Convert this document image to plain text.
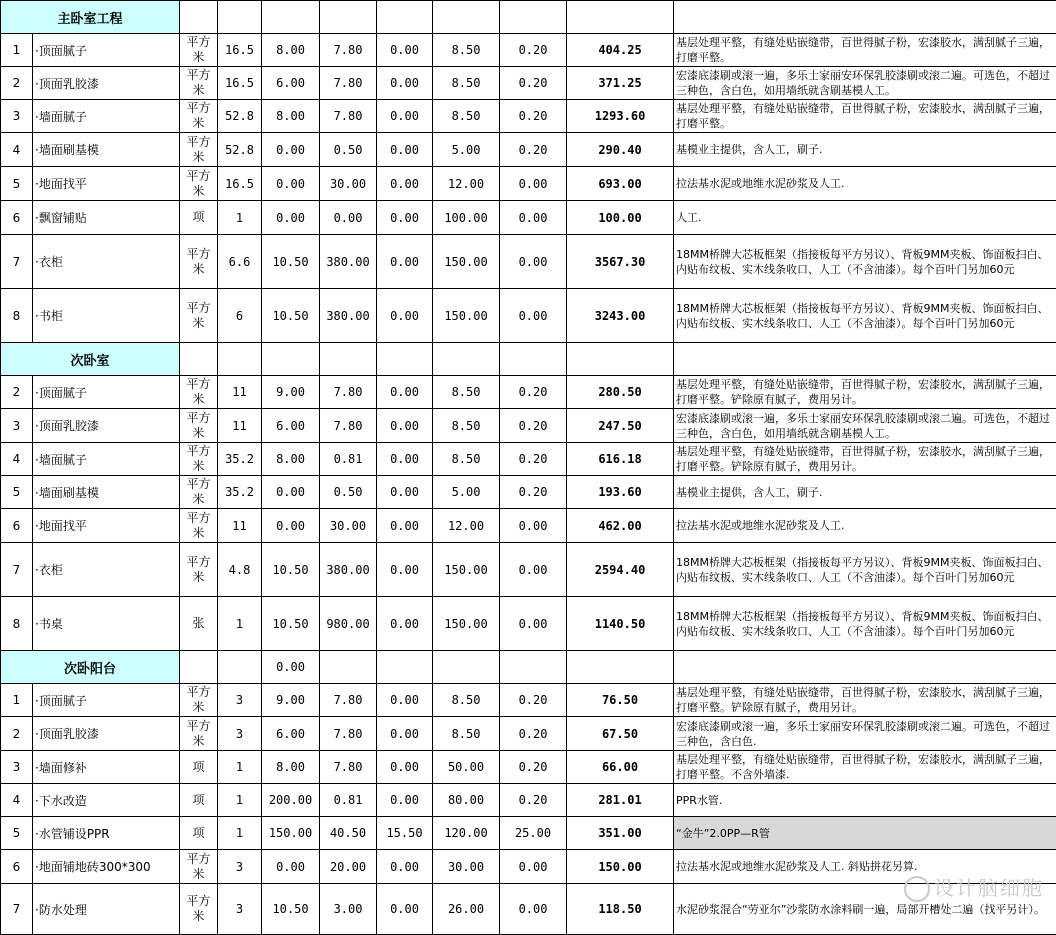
主卧室工程										
1	·顶面腻子	平方米	16.5	8.00	7.80	0.00	8.50	0.20	404.25	基层处理平整，有缝处贴嵌缝带，百世得腻子粉，宏漆胶水，满刮腻子三遍，打磨平整。
2	·顶面乳胶漆	平方米	16.5	6.00	7.80	0.00	8.50	0.20	371.25	宏漆底漆刷或滚一遍，多乐士家丽安环保乳胶漆刷或滚二遍。可选色，不超过三种色，含白色，如用墙纸就含刷基模人工。
3	·墙面腻子	平方米	52.8	8.00	7.80	0.00	8.50	0.20	1293.60	基层处理平整，有缝处贴嵌缝带，百世得腻子粉，宏漆胶水，满刮腻子三遍，打磨平整。
4	·墙面刷基模	平方米	52.8	0.00	0.50	0.00	5.00	0.20	290.40	基模业主提供，含人工，刷子.
5	·地面找平	平方米	16.5	0.00	30.00	0.00	12.00	0.00	693.00	拉法基水泥或地维水泥砂浆及人工.
6	·飘窗铺贴	项	1	0.00	0.00	0.00	100.00	0.00	100.00	人工.
7	·衣柜	平方米	6.6	10.50	380.00	0.00	150.00	0.00	3567.30	18MM桥牌大芯板框架（指接板每平方另议）、背板9MM夹板、饰面板扫白、内贴布纹板、实木线条收口、人工（不含油漆）。每个百叶门另加60元
8	·书柜	平方米	6	10.50	380.00	0.00	150.00	0.00	3243.00	18MM桥牌大芯板框架（指接板每平方另议）、背板9MM夹板、饰面板扫白、内贴布纹板、实木线条收口、人工（不含油漆）。每个百叶门另加60元
次卧室										
2	·顶面腻子	平方米	11	9.00	7.80	0.00	8.50	0.20	280.50	基层处理平整，有缝处贴嵌缝带，百世得腻子粉，宏漆胶水，满刮腻子三遍，打磨平整。铲除原有腻子，费用另计。
3	·顶面乳胶漆	平方米	11	6.00	7.80	0.00	8.50	0.20	247.50	宏漆底漆刷或滚一遍，多乐士家丽安环保乳胶漆刷或滚二遍。可选色，不超过三种色，含白色，如用墙纸就含刷基模人工。
4	·墙面腻子	平方米	35.2	8.00	0.81	0.00	8.50	0.20	616.18	基层处理平整，有缝处贴嵌缝带，百世得腻子粉，宏漆胶水，满刮腻子三遍，打磨平整。铲除原有腻子，费用另计。
5	·墙面刷基模	平方米	35.2	0.00	0.50	0.00	5.00	0.20	193.60	基模业主提供，含人工，刷子.
6	·地面找平	平方米	11	0.00	30.00	0.00	12.00	0.00	462.00	拉法基水泥或地维水泥砂浆及人工.
7	·衣柜	平方米	4.8	10.50	380.00	0.00	150.00	0.00	2594.40	18MM桥牌大芯板框架（指接板每平方另议）、背板9MM夹板、饰面板扫白、内贴布纹板、实木线条收口、人工（不含油漆）。每个百叶门另加60元
8	·书桌	张	1	10.50	980.00	0.00	150.00	0.00	1140.50	18MM桥牌大芯板框架（指接板每平方另议）、背板9MM夹板、饰面板扫白、内贴布纹板、实木线条收口、人工（不含油漆）。每个百叶门另加60元
次卧阳台				0.00						
1	·顶面腻子	平方米	3	9.00	7.80	0.00	8.50	0.20	76.50	基层处理平整，有缝处贴嵌缝带，百世得腻子粉，宏漆胶水，满刮腻子三遍，打磨平整。铲除原有腻子，费用另计。
2	·顶面乳胶漆	平方米	3	6.00	7.80	0.00	8.50	0.20	67.50	宏漆底漆刷或滚一遍，多乐士家丽安环保乳胶漆刷或滚二遍。可选色，不超过三种色，含白色.
3	·墙面修补	项	1	8.00	7.80	0.00	50.00	0.20	66.00	基层处理平整，有缝处贴嵌缝带，百世得腻子粉，宏漆胶水，满刮腻子三遍，打磨平整。不含外墙漆.
4	·下水改造	项	1	200.00	0.81	0.00	80.00	0.20	281.01	PPR水管.
5	·水管铺设PPR	项	1	150.00	40.50	15.50	120.00	25.00	351.00	“金牛”2.0PP—R管
6	·地面铺地砖300*300	平方米	3	0.00	20.00	0.00	30.00	0.00	150.00	拉法基水泥或地维水泥砂浆及人工. 斜贴拼花另算.
7	·防水处理	平方米	3	10.50	3.00	0.00	26.00	0.00	118.50	水泥砂浆混合“劳亚尔”沙浆防水涂料刷一遍，局部开槽处二遍（找平另计）。
设计脑细胞
